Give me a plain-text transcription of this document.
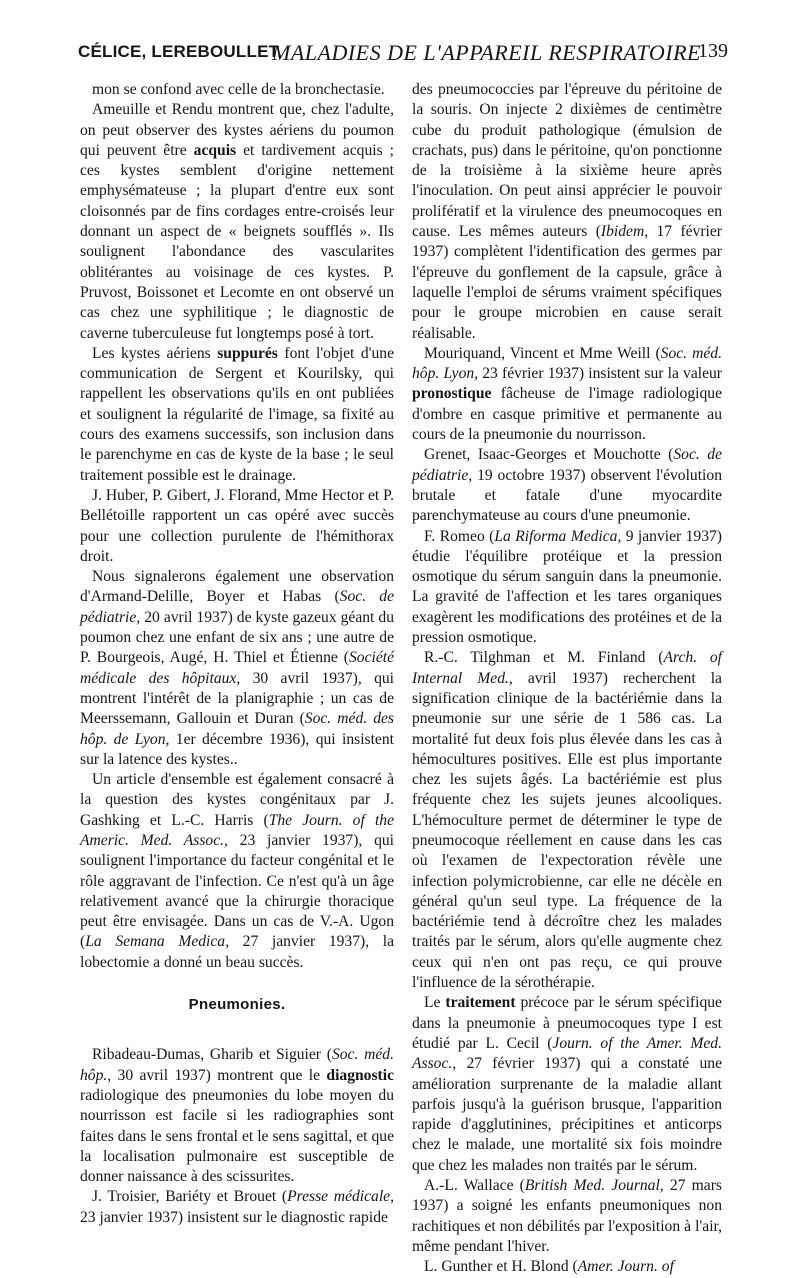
CÉLICE, LEREBOULLET.
MALADIES DE L'APPAREIL RESPIRATOIRE
139

mon se confond avec celle de la bronchectasie.

Ameuille et Rendu montrent que, chez l'adulte, on peut observer des kystes aériens du poumon qui peuvent être acquis et tardivement acquis ; ces kystes semblent d'origine nettement emphysémateuse ; la plupart d'entre eux sont cloisonnés par de fins cordages entre-croisés leur donnant un aspect de « beignets soufflés ». Ils soulignent l'abondance des vascularites oblitérantes au voisinage de ces kystes. P. Pruvost, Boissonet et Lecomte en ont observé un cas chez une syphilitique ; le diagnostic de caverne tuberculeuse fut longtemps posé à tort.

Les kystes aériens suppurés font l'objet d'une communication de Sergent et Kourilsky, qui rappellent les observations qu'ils en ont publiées et soulignent la régularité de l'image, sa fixité au cours des examens successifs, son inclusion dans le parenchyme en cas de kyste de la base ; le seul traitement possible est le drainage.

J. Huber, P. Gibert, J. Florand, Mme Hector et P. Bellétoille rapportent un cas opéré avec succès pour une collection purulente de l'hémithorax droit.

Nous signalerons également une observation d'Armand-Delille, Boyer et Habas (Soc. de pédiatrie, 20 avril 1937) de kyste gazeux géant du poumon chez une enfant de six ans ; une autre de P. Bourgeois, Augé, H. Thiel et Étienne (Société médicale des hôpitaux, 30 avril 1937), qui montrent l'intérêt de la planigraphie ; un cas de Meerssemann, Gallouin et Duran (Soc. méd. des hôp. de Lyon, 1er décembre 1936), qui insistent sur la latence des kystes..

Un article d'ensemble est également consacré à la question des kystes congénitaux par J. Gashking et L.-C. Harris (The Journ. of the Americ. Med. Assoc., 23 janvier 1937), qui soulignent l'importance du facteur congénital et le rôle aggravant de l'infection. Ce n'est qu'à un âge relativement avancé que la chirurgie thoracique peut être envisagée. Dans un cas de V.-A. Ugon (La Semana Medica, 27 janvier 1937), la lobectomie a donné un beau succès.

Pneumonies.

Ribadeau-Dumas, Gharib et Siguier (Soc. méd. hôp., 30 avril 1937) montrent que le diagnostic radiologique des pneumonies du lobe moyen du nourrisson est facile si les radiographies sont faites dans le sens frontal et le sens sagittal, et que la localisation pulmonaire est susceptible de donner naissance à des scissurites.

J. Troisier, Bariéty et Brouet (Presse médicale, 23 janvier 1937) insistent sur le diagnostic rapide

des pneumococcies par l'épreuve du péritoine de la souris. On injecte 2 dixièmes de centimètre cube du produit pathologique (émulsion de crachats, pus) dans le péritoine, qu'on ponctionne de la troisième à la sixième heure après l'inoculation. On peut ainsi apprécier le pouvoir prolifératif et la virulence des pneumocoques en cause. Les mêmes auteurs (Ibidem, 17 février 1937) complètent l'identification des germes par l'épreuve du gonflement de la capsule, grâce à laquelle l'emploi de sérums vraiment spécifiques pour le groupe microbien en cause serait réalisable.

Mouriquand, Vincent et Mme Weill (Soc. méd. hôp. Lyon, 23 février 1937) insistent sur la valeur pronostique fâcheuse de l'image radiologique d'ombre en casque primitive et permanente au cours de la pneumonie du nourrisson.

Grenet, Isaac-Georges et Mouchotte (Soc. de pédiatrie, 19 octobre 1937) observent l'évolution brutale et fatale d'une myocardite parenchymateuse au cours d'une pneumonie.

F. Romeo (La Riforma Medica, 9 janvier 1937) étudie l'équilibre protéique et la pression osmotique du sérum sanguin dans la pneumonie. La gravité de l'affection et les tares organiques exagèrent les modifications des protéines et de la pression osmotique.

R.-C. Tilghman et M. Finland (Arch. of Internal Med., avril 1937) recherchent la signification clinique de la bactériémie dans la pneumonie sur une série de 1 586 cas. La mortalité fut deux fois plus élevée dans les cas à hémocultures positives. Elle est plus importante chez les sujets âgés. La bactériémie est plus fréquente chez les sujets jeunes alcooliques. L'hémoculture permet de déterminer le type de pneumocoque réellement en cause dans les cas où l'examen de l'expectoration révèle une infection polymicrobienne, car elle ne décèle en général qu'un seul type. La fréquence de la bactériémie tend à décroître chez les malades traités par le sérum, alors qu'elle augmente chez ceux qui n'en ont pas reçu, ce qui prouve l'influence de la sérothérapie.

Le traitement précoce par le sérum spécifique dans la pneumonie à pneumocoques type I est étudié par L. Cecil (Journ. of the Amer. Med. Assoc., 27 février 1937) qui a constaté une amélioration surprenante de la maladie allant parfois jusqu'à la guérison brusque, l'apparition rapide d'agglutinines, précipitines et anticorps chez le malade, une mortalité six fois moindre que chez les malades non traités par le sérum.

A.-L. Wallace (British Med. Journal, 27 mars 1937) a soigné les enfants pneumoniques non rachitiques et non débilités par l'exposition à l'air, même pendant l'hiver.

L. Gunther et H. Blond (Amer. Journ. of
